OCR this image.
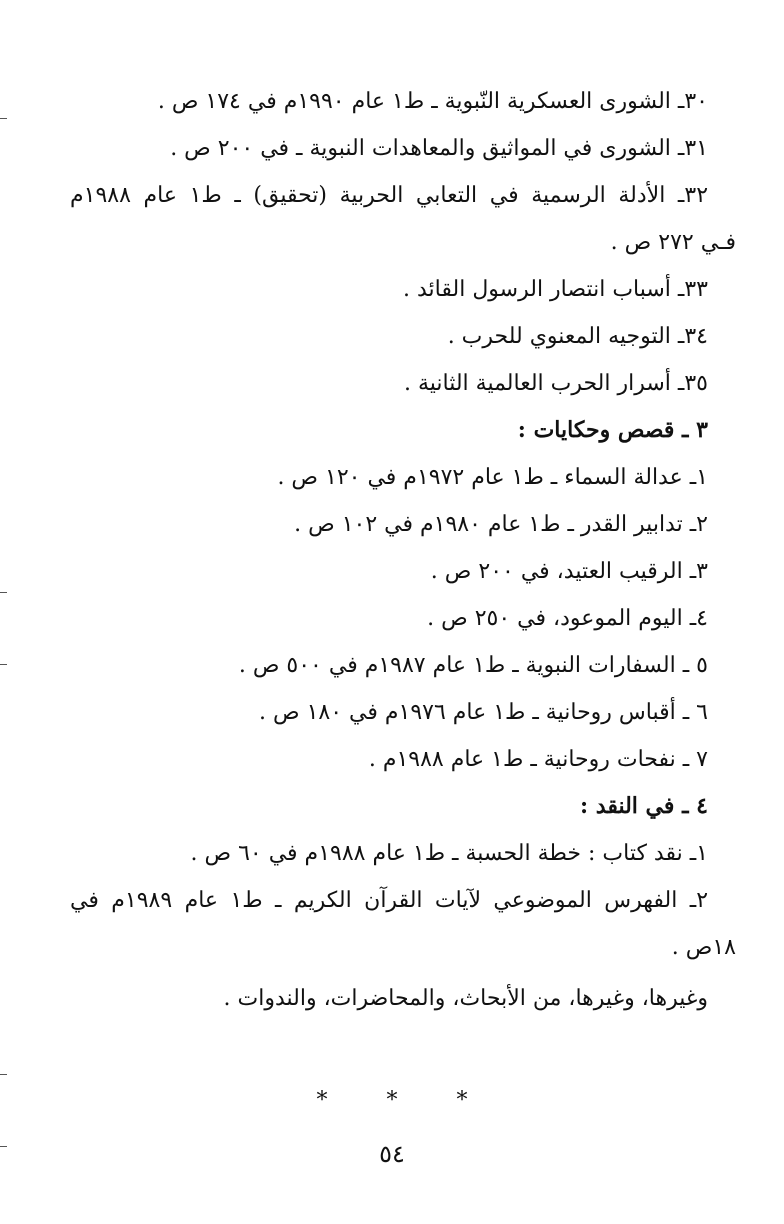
٣٠ـ الشورى العسكرية النّبوية ـ ط١ عام ١٩٩٠م في ١٧٤ ص .
٣١ـ الشورى في المواثيق والمعاهدات النبوية ـ في ٢٠٠ ص .
٣٢ـ الأدلة الرسمية في التعابي الحربية (تحقيق) ـ ط١ عام ١٩٨٨م
فـي ٢٧٢ ص .
٣٣ـ أسباب انتصار الرسول القائد .
٣٤ـ التوجيه المعنوي للحرب .
٣٥ـ أسرار الحرب العالمية الثانية .
٣ ـ قصص وحكايات :
١ـ عدالة السماء ـ ط١ عام ١٩٧٢م في ١٢٠ ص .
٢ـ تدابير القدر ـ ط١ عام ١٩٨٠م في ١٠٢ ص .
٣ـ الرقيب العتيد، في ٢٠٠ ص .
٤ـ اليوم الموعود، في ٢٥٠ ص .
٥ ـ السفارات النبوية ـ ط١ عام ١٩٨٧م في ٥٠٠ ص .
٦ ـ أقباس روحانية ـ ط١ عام ١٩٧٦م في ١٨٠ ص .
٧ ـ نفحات روحانية ـ ط١ عام ١٩٨٨م .
٤ ـ في النقد :
١ـ نقد كتاب : خطة الحسبة ـ ط١ عام ١٩٨٨م في ٦٠ ص .
٢ـ الفهرس الموضوعي لآيات القرآن الكريم ـ ط١ عام ١٩٨٩م في
١٨ص .
وغيرها، وغيرها، من الأبحاث، والمحاضرات، والندوات .
* * *
٥٤
